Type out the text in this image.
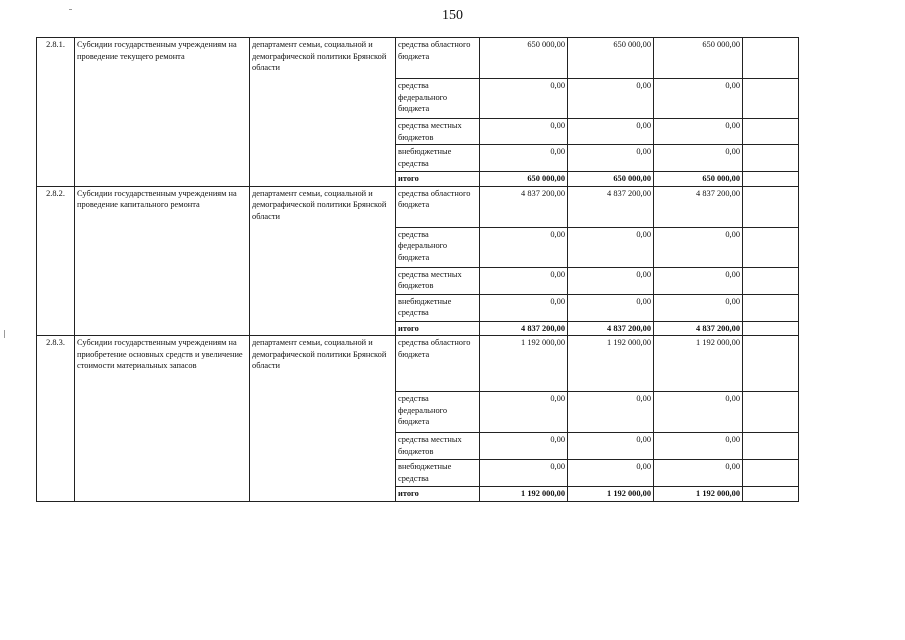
150
2.8.1.	Субсидии государственным учреждениям на проведение текущего ремонта	департамент семьи, социальной и демографической политики Брянской области	средства областного бюджета	650 000,00	650 000,00	650 000,00	
			средства федерального бюджета	0,00	0,00	0,00	
			средства местных бюджетов	0,00	0,00	0,00	
			внебюджетные средства	0,00	0,00	0,00	
			итого	650 000,00	650 000,00	650 000,00	
2.8.2.	Субсидии государственным учреждениям на проведение капитального ремонта	департамент семьи, социальной и демографической политики Брянской области	средства областного бюджета	4 837 200,00	4 837 200,00	4 837 200,00	
			средства федерального бюджета	0,00	0,00	0,00	
			средства местных бюджетов	0,00	0,00	0,00	
			внебюджетные средства	0,00	0,00	0,00	
			итого	4 837 200,00	4 837 200,00	4 837 200,00	
2.8.3.	Субсидии государственным учреждениям на приобретение основных средств и увеличение стоимости материальных запасов	департамент семьи, социальной и демографической политики Брянской области	средства областного бюджета	1 192 000,00	1 192 000,00	1 192 000,00	
			средства федерального бюджета	0,00	0,00	0,00	
			средства местных бюджетов	0,00	0,00	0,00	
			внебюджетные средства	0,00	0,00	0,00	
			итого	1 192 000,00	1 192 000,00	1 192 000,00	
